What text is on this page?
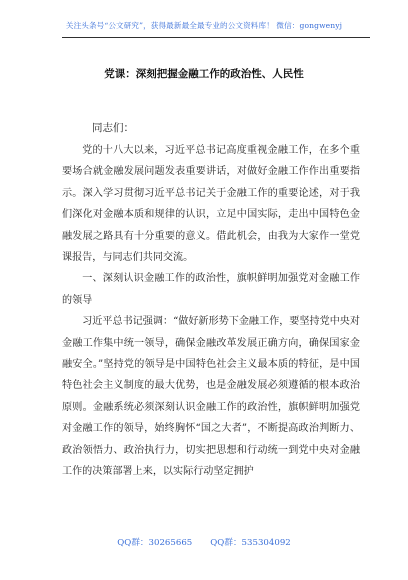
关注头条号“公文研究”，获得最新最全最专业的公文资料库！ 微信：gongwenyj
党课：深刻把握金融工作的政治性、人民性
同志们：

党的十八大以来，习近平总书记高度重视金融工作，在多个重要场合就金融发展问题发表重要讲话，对做好金融工作作出重要指示。深入学习贯彻习近平总书记关于金融工作的重要论述，对于我们深化对金融本质和规律的认识，立足中国实际，走出中国特色金融发展之路具有十分重要的意义。借此机会，由我为大家作一堂党课报告，与同志们共同交流。

一、深刻认识金融工作的政治性，旗帜鲜明加强党对金融工作的领导

习近平总书记强调：“做好新形势下金融工作，要坚持党中央对金融工作集中统一领导，确保金融改革发展正确方向，确保国家金融安全。”坚持党的领导是中国特色社会主义最本质的特征，是中国特色社会主义制度的最大优势，也是金融发展必须遵循的根本政治原则。金融系统必须深刻认识金融工作的政治性，旗帜鲜明加强党对金融工作的领导，始终胸怀“国之大者”，不断提高政治判断力、政治领悟力、政治执行力，切实把思想和行动统一到党中央对金融工作的决策部署上来，以实际行动坚定拥护

QQ群：30265665 QQ群：535304092
